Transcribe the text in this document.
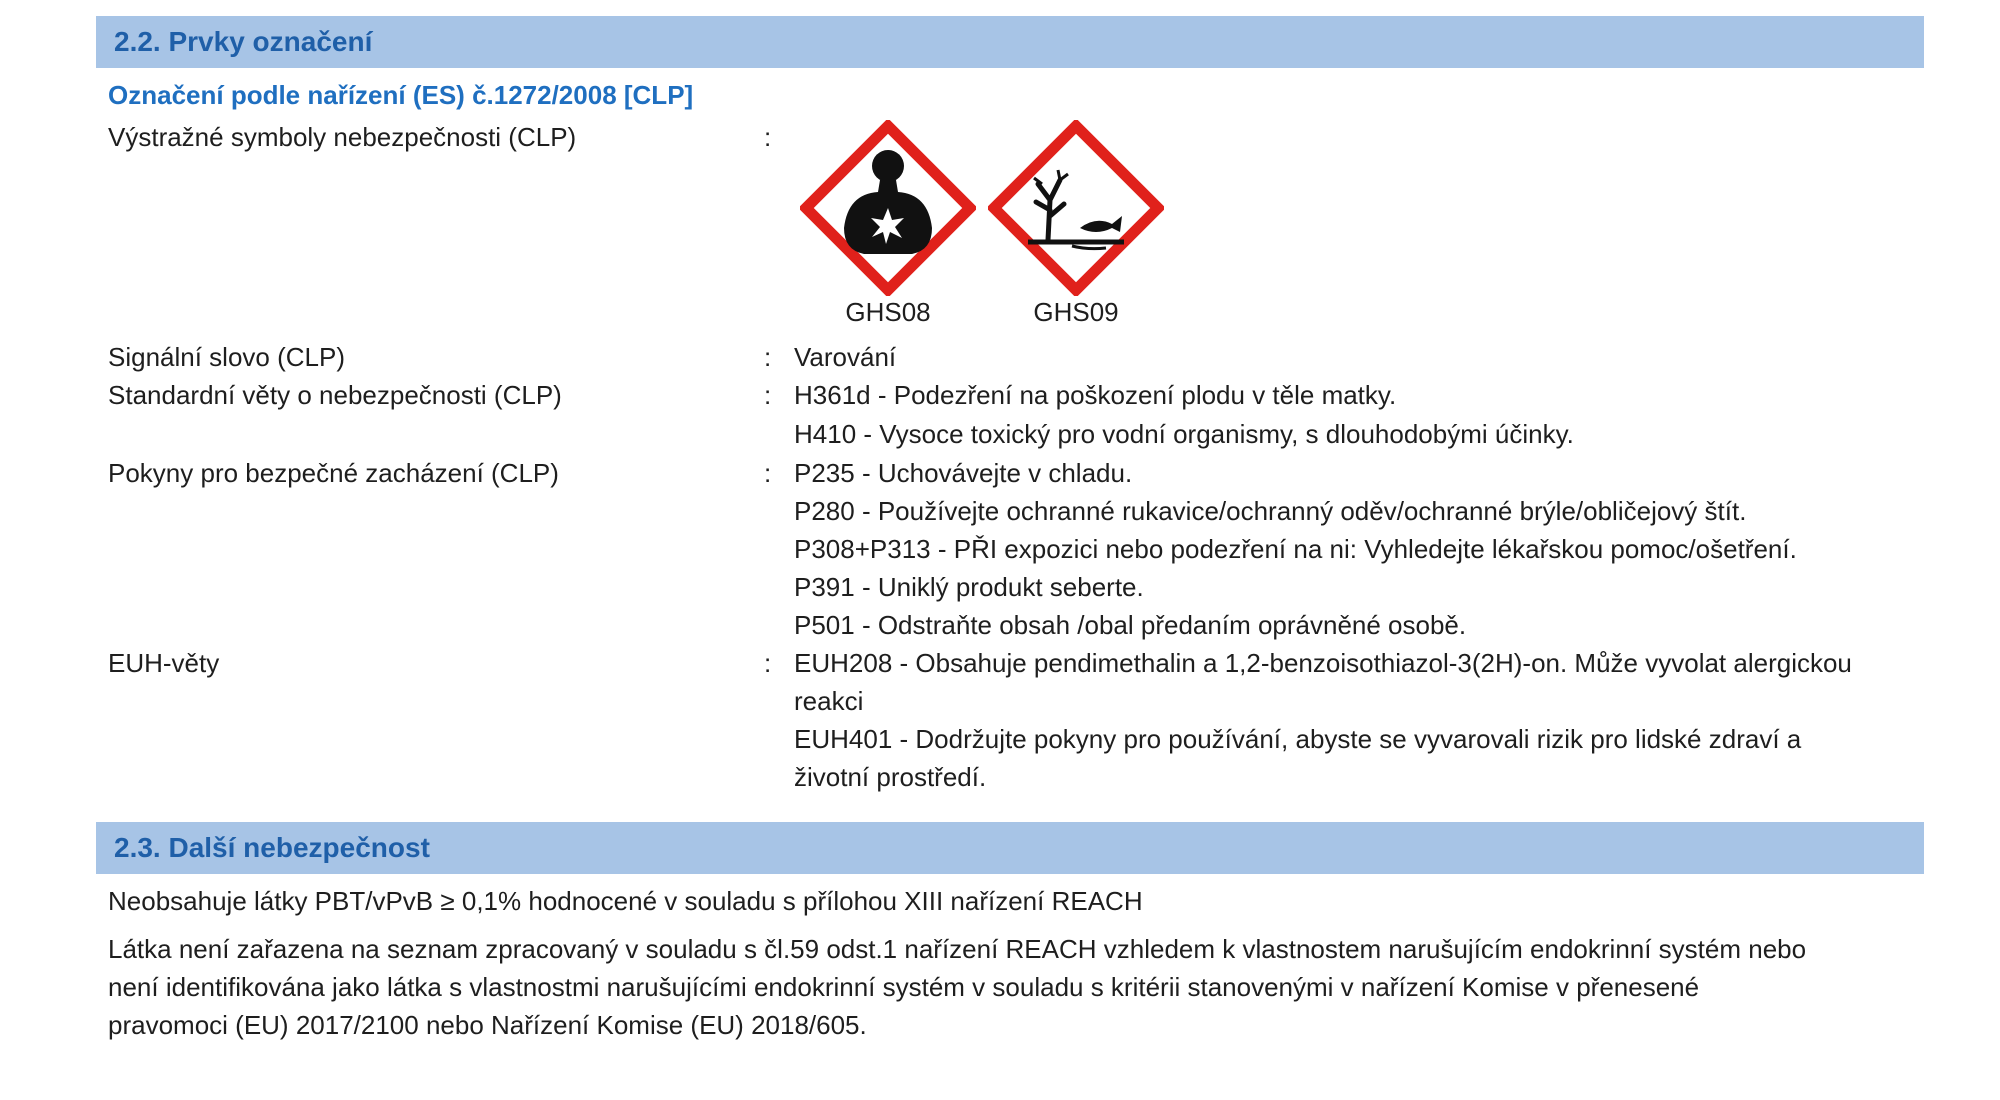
2.2. Prvky označení
Označení podle nařízení (ES) č.1272/2008 [CLP]
Výstražné symboly nebezpečnosti (CLP)	:
GHS08	GHS09
Signální slovo (CLP)	: Varování
Standardní věty o nebezpečnosti (CLP)	: H361d - Podezření na poškození plodu v těle matky.
H410 - Vysoce toxický pro vodní organismy, s dlouhodobými účinky.
Pokyny pro bezpečné zacházení (CLP)	: P235 - Uchovávejte v chladu.
P280 - Používejte ochranné rukavice/ochranný oděv/ochranné brýle/obličejový štít.
P308+P313 - PŘI expozici nebo podezření na ni: Vyhledejte lékařskou pomoc/ošetření.
P391 - Uniklý produkt seberte.
P501 - Odstraňte obsah /obal předaním oprávněné osobě.
EUH-věty	: EUH208 - Obsahuje pendimethalin a 1,2-benzoisothiazol-3(2H)-on. Může vyvolat alergickou
reakci
EUH401 - Dodržujte pokyny pro používání, abyste se vyvarovali rizik pro lidské zdraví a
životní prostředí.
2.3. Další nebezpečnost
Neobsahuje látky PBT/vPvB ≥ 0,1% hodnocené v souladu s přílohou XIII nařízení REACH
Látka není zařazena na seznam zpracovaný v souladu s čl.59 odst.1 nařízení REACH vzhledem k vlastnostem narušujícím endokrinní systém nebo
není identifikována jako látka s vlastnostmi narušujícími endokrinní systém v souladu s kritérii stanovenými v nařízení Komise v přenesené
pravomoci (EU) 2017/2100 nebo Nařízení Komise (EU) 2018/605.
